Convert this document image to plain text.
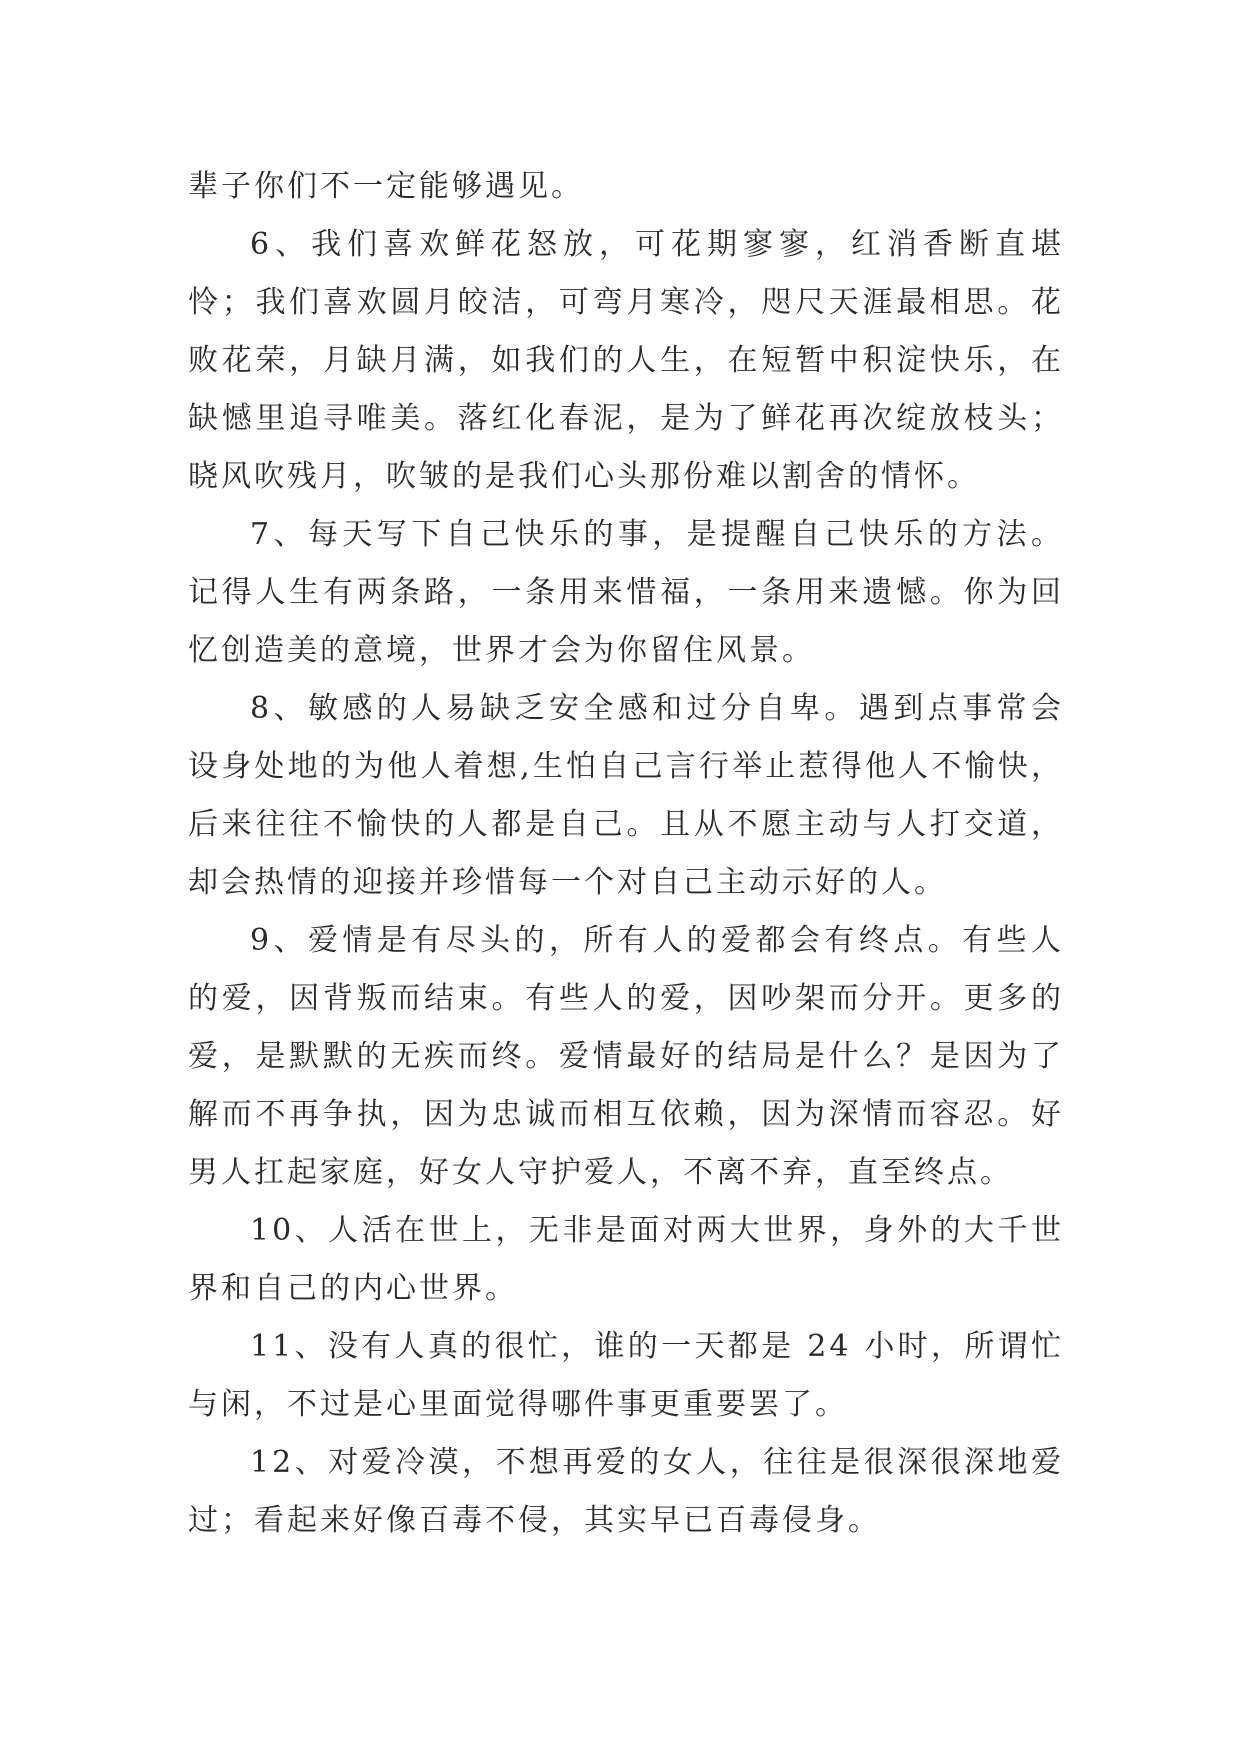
辈子你们不一定能够遇见。

6、我们喜欢鲜花怒放，可花期寥寥，红消香断直堪怜；我们喜欢圆月皎洁，可弯月寒冷，咫尺天涯最相思。花败花荣，月缺月满，如我们的人生，在短暂中积淀快乐，在缺憾里追寻唯美。落红化春泥，是为了鲜花再次绽放枝头；晓风吹残月，吹皱的是我们心头那份难以割舍的情怀。

7、每天写下自己快乐的事，是提醒自己快乐的方法。记得人生有两条路，一条用来惜福，一条用来遗憾。你为回忆创造美的意境，世界才会为你留住风景。

8、敏感的人易缺乏安全感和过分自卑。遇到点事常会设身处地的为他人着想,生怕自己言行举止惹得他人不愉快，后来往往不愉快的人都是自己。且从不愿主动与人打交道，却会热情的迎接并珍惜每一个对自己主动示好的人。

9、爱情是有尽头的，所有人的爱都会有终点。有些人的爱，因背叛而结束。有些人的爱，因吵架而分开。更多的爱，是默默的无疾而终。爱情最好的结局是什么？是因为了解而不再争执，因为忠诚而相互依赖，因为深情而容忍。好男人扛起家庭，好女人守护爱人，不离不弃，直至终点。

10、人活在世上，无非是面对两大世界，身外的大千世界和自己的内心世界。

11、没有人真的很忙，谁的一天都是 24 小时，所谓忙与闲，不过是心里面觉得哪件事更重要罢了。

12、对爱冷漠，不想再爱的女人，往往是很深很深地爱过；看起来好像百毒不侵，其实早已百毒侵身。
